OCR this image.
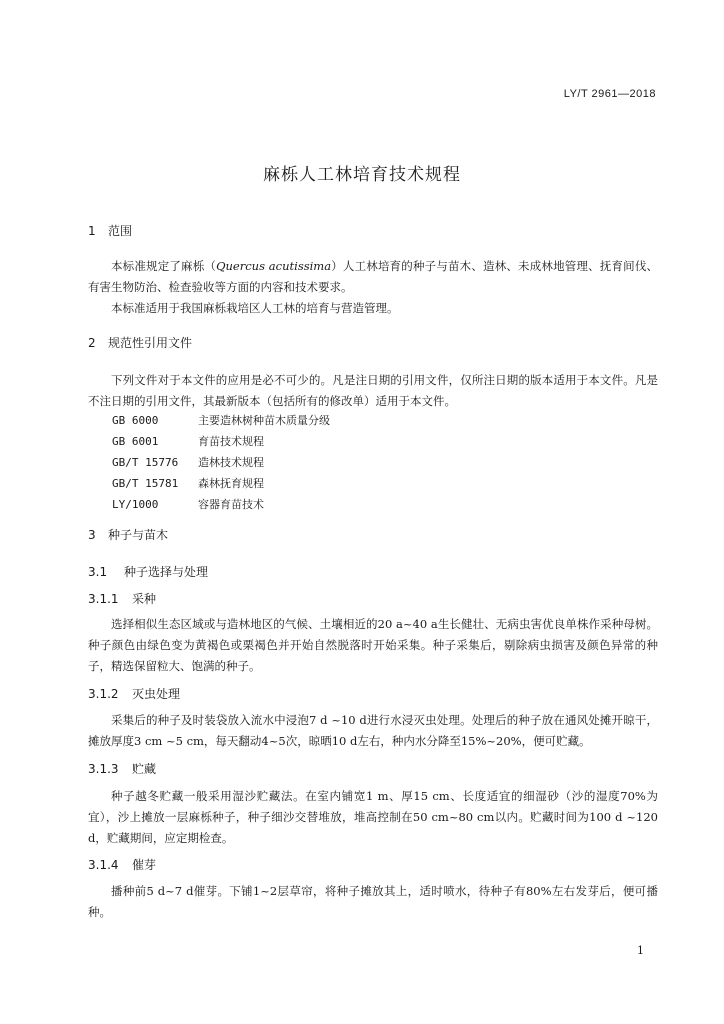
LY/T 2961—2018
麻栎人工林培育技术规程
1 范围
本标准规定了麻栎（Quercus acutissima）人工林培育的种子与苗木、造林、未成林地管理、抚育间伐、有害生物防治、检查验收等方面的内容和技术要求。
本标准适用于我国麻栎栽培区人工林的培育与营造管理。
2 规范性引用文件
下列文件对于本文件的应用是必不可少的。凡是注日期的引用文件，仅所注日期的版本适用于本文件。凡是不注日期的引用文件，其最新版本（包括所有的修改单）适用于本文件。
GB 6000	主要造林树种苗木质量分级
GB 6001	育苗技术规程
GB/T 15776 造林技术规程
GB/T 15781 森林抚育规程
LY/1000	容器育苗技术
3 种子与苗木
3.1 种子选择与处理
3.1.1 采种
选择相似生态区域或与造林地区的气候、土壤相近的20 a~40 a生长健壮、无病虫害优良单株作采种母树。种子颜色由绿色变为黄褐色或栗褐色并开始自然脱落时开始采集。种子采集后，剔除病虫损害及颜色异常的种子，精选保留粒大、饱满的种子。
3.1.2 灭虫处理
采集后的种子及时装袋放入流水中浸泡7 d ~10 d进行水浸灭虫处理。处理后的种子放在通风处摊开晾干，摊放厚度3 cm ~5 cm，每天翻动4~5次，晾晒10 d左右，种内水分降至15%~20%，便可贮藏。
3.1.3 贮藏
种子越冬贮藏一般采用湿沙贮藏法。在室内铺宽1 m、厚15 cm、长度适宜的细湿砂（沙的湿度70%为宜），沙上摊放一层麻栎种子，种子细沙交替堆放，堆高控制在50 cm~80 cm以内。贮藏时间为100 d ~120 d，贮藏期间，应定期检查。
3.1.4 催芽
播种前5 d~7 d催芽。下铺1~2层草帘，将种子摊放其上，适时喷水，待种子有80%左右发芽后，便可播种。
1
